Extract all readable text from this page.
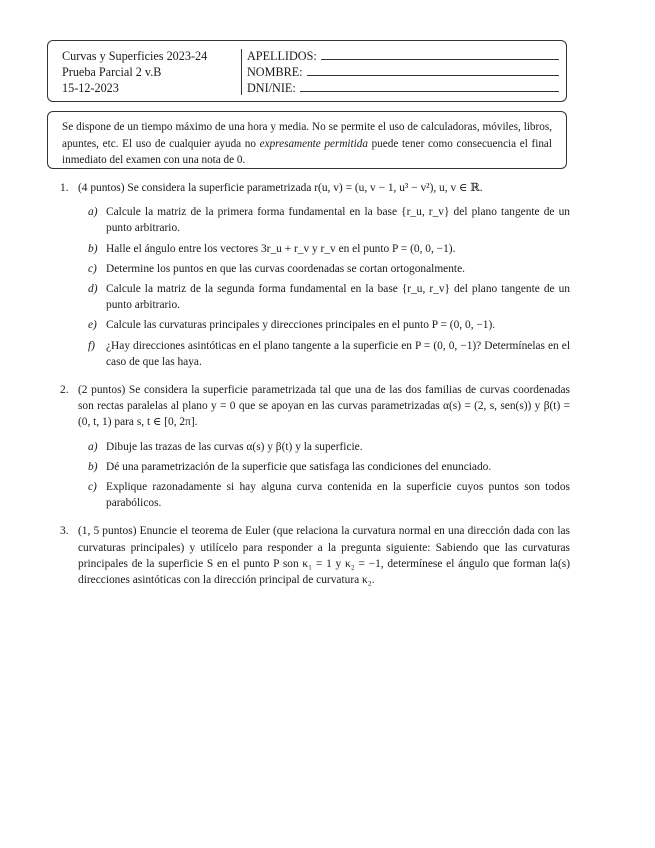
Curvas y Superficies 2023-24
Prueba Parcial 2 v.B
15-12-2023
APELLIDOS:
NOMBRE:
DNI/NIE:
Se dispone de un tiempo máximo de una hora y media. No se permite el uso de calculadoras, móviles, libros, apuntes, etc. El uso de cualquier ayuda no expresamente permitida puede tener como consecuencia el final inmediato del examen con una nota de 0.
1. (4 puntos) Se considera la superficie parametrizada r(u, v) = (u, v − 1, u³ − v²), u, v ∈ ℝ.
a) Calcule la matriz de la primera forma fundamental en la base {r_u, r_v} del plano tangente de un punto arbitrario.
b) Halle el ángulo entre los vectores 3r_u + r_v y r_v en el punto P = (0, 0, −1).
c) Determine los puntos en que las curvas coordenadas se cortan ortogonalmente.
d) Calcule la matriz de la segunda forma fundamental en la base {r_u, r_v} del plano tangente de un punto arbitrario.
e) Calcule las curvaturas principales y direcciones principales en el punto P = (0, 0, −1).
f) ¿Hay direcciones asintóticas en el plano tangente a la superficie en P = (0, 0, −1)? Determínelas en el caso de que las haya.
2. (2 puntos) Se considera la superficie parametrizada tal que una de las dos familias de curvas coordenadas son rectas paralelas al plano y = 0 que se apoyan en las curvas parametrizadas α(s) = (2, s, sen(s)) y β(t) = (0, t, 1) para s, t ∈ [0, 2π].
a) Dibuje las trazas de las curvas α(s) y β(t) y la superficie.
b) Dé una parametrización de la superficie que satisfaga las condiciones del enunciado.
c) Explique razonadamente si hay alguna curva contenida en la superficie cuyos puntos son todos parabólicos.
3. (1, 5 puntos) Enuncie el teorema de Euler (que relaciona la curvatura normal en una dirección dada con las curvaturas principales) y utilícelo para responder a la pregunta siguiente: Sabiendo que las curvaturas principales de la superficie S en el punto P son κ₁ = 1 y κ₂ = −1, determínese el ángulo que forman la(s) direcciones asintóticas con la dirección principal de curvatura κ₂.
